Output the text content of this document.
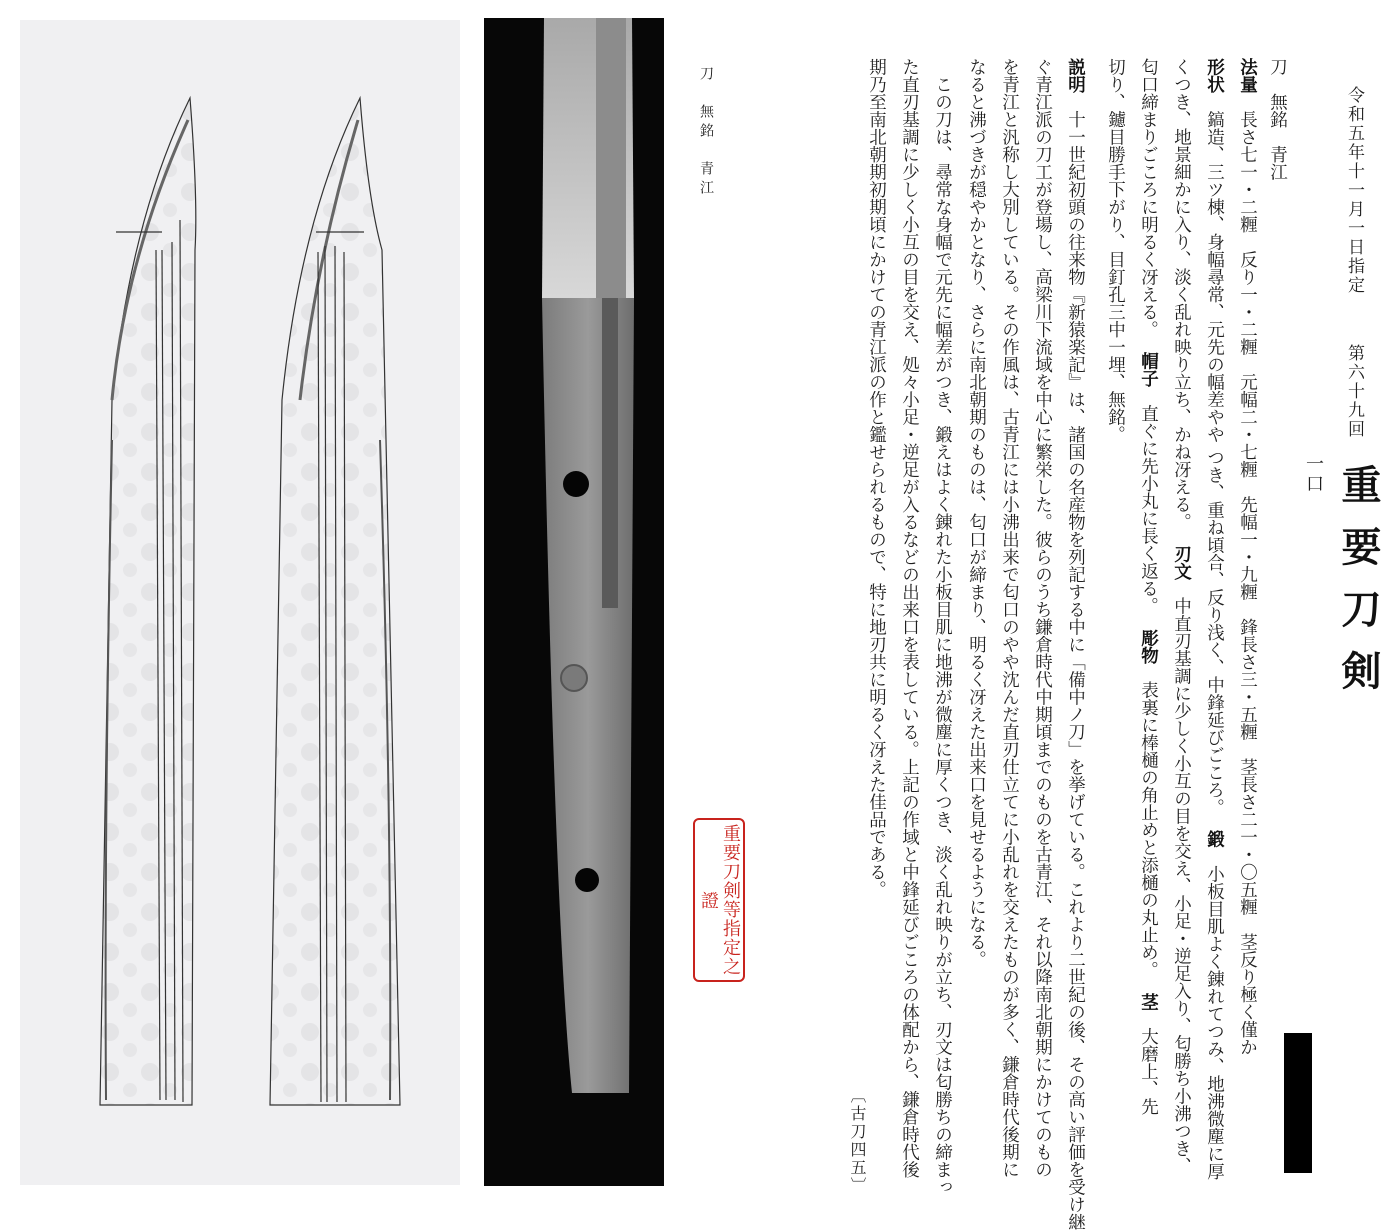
刀　無銘　青江
重要刀剣等指定之證
令和五年十一月一日指定
第六十九回
重要刀剣
一口
刀　無銘　青江
法量　長さ七一・二糎　反り一・二糎　元幅二・七糎　先幅一・九糎　鋒長さ三・五糎　茎長さ二一・〇五糎　茎反り極く僅か
形状　鎬造、三ツ棟、身幅尋常、元先の幅差やや つき、重ね頃合、反り浅く、中鋒延びごころ。鍛　小板目肌よく錬れてつみ、地沸微塵に厚
くつき、地景細かに入り、淡く乱れ映り立ち、かね冴える。刃文　中直刃基調に少しく小互の目を交え、小足・逆足入り、匂勝ち小沸つき、
匂口締まりごころに明るく冴える。帽子　直ぐに先小丸に長く返る。彫物　表裏に棒樋の角止めと添樋の丸止め。茎　大磨上、先
切り、鑢目勝手下がり、目釘孔三中一埋、無銘。
説明　十一世紀初頭の往来物『新猿楽記』は、諸国の名産物を列記する中に「備中ノ刀」を挙げている。これより二世紀の後、その高い評価を受け継
ぐ青江派の刀工が登場し、高梁川下流域を中心に繁栄した。彼らのうち鎌倉時代中期頃までのものを古青江、それ以降南北朝期にかけてのもの
を青江と汎称し大別している。その作風は、古青江には小沸出来で匂口のやや沈んだ直刃仕立てに小乱れを交えたものが多く、鎌倉時代後期に
なると沸づきが穏やかとなり、さらに南北朝期のものは、匂口が締まり、明るく冴えた出来口を見せるようになる。
　この刀は、尋常な身幅で元先に幅差がつき、鍛えはよく錬れた小板目肌に地沸が微塵に厚くつき、淡く乱れ映りが立ち、刃文は匂勝ちの締まっ
た直刃基調に少しく小互の目を交え、処々小足・逆足が入るなどの出来口を表している。上記の作域と中鋒延びごころの体配から、鎌倉時代後
期乃至南北朝期初期頃にかけての青江派の作と鑑せられるもので、特に地刃共に明るく冴えた佳品である。
〔古刀四五〕
